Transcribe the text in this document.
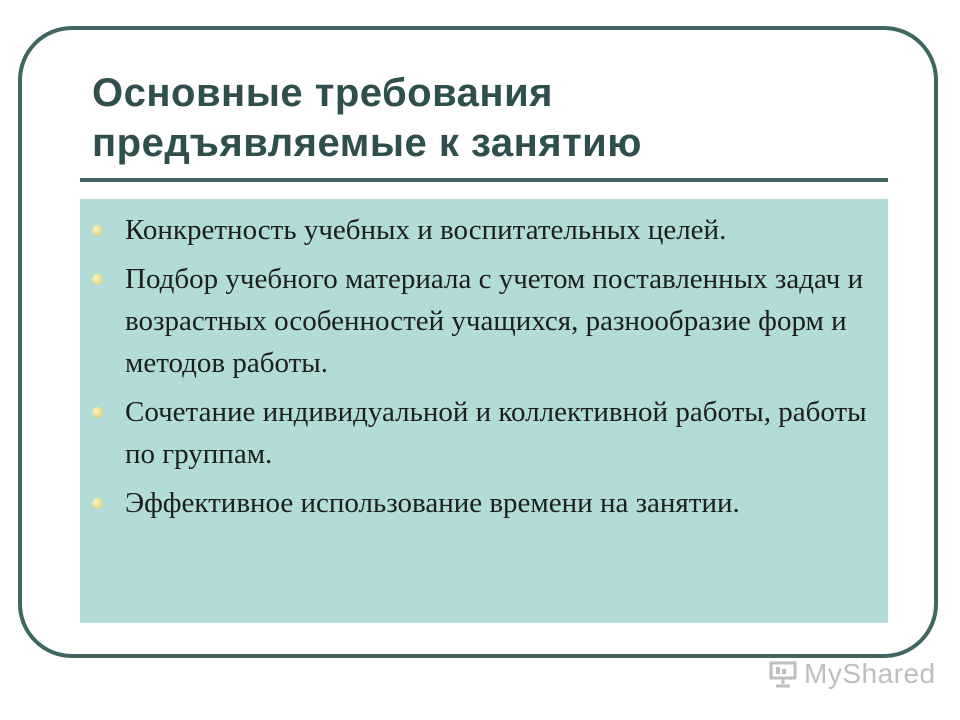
Основные требования
предъявляемые к занятию
Конкретность учебных и воспитательных целей.
Подбор учебного материала с учетом поставленных задач и возрастных особенностей учащихся, разнообразие форм и методов работы.
Сочетание индивидуальной и коллективной работы, работы по группам.
Эффективное использование времени на занятии.
MyShared
